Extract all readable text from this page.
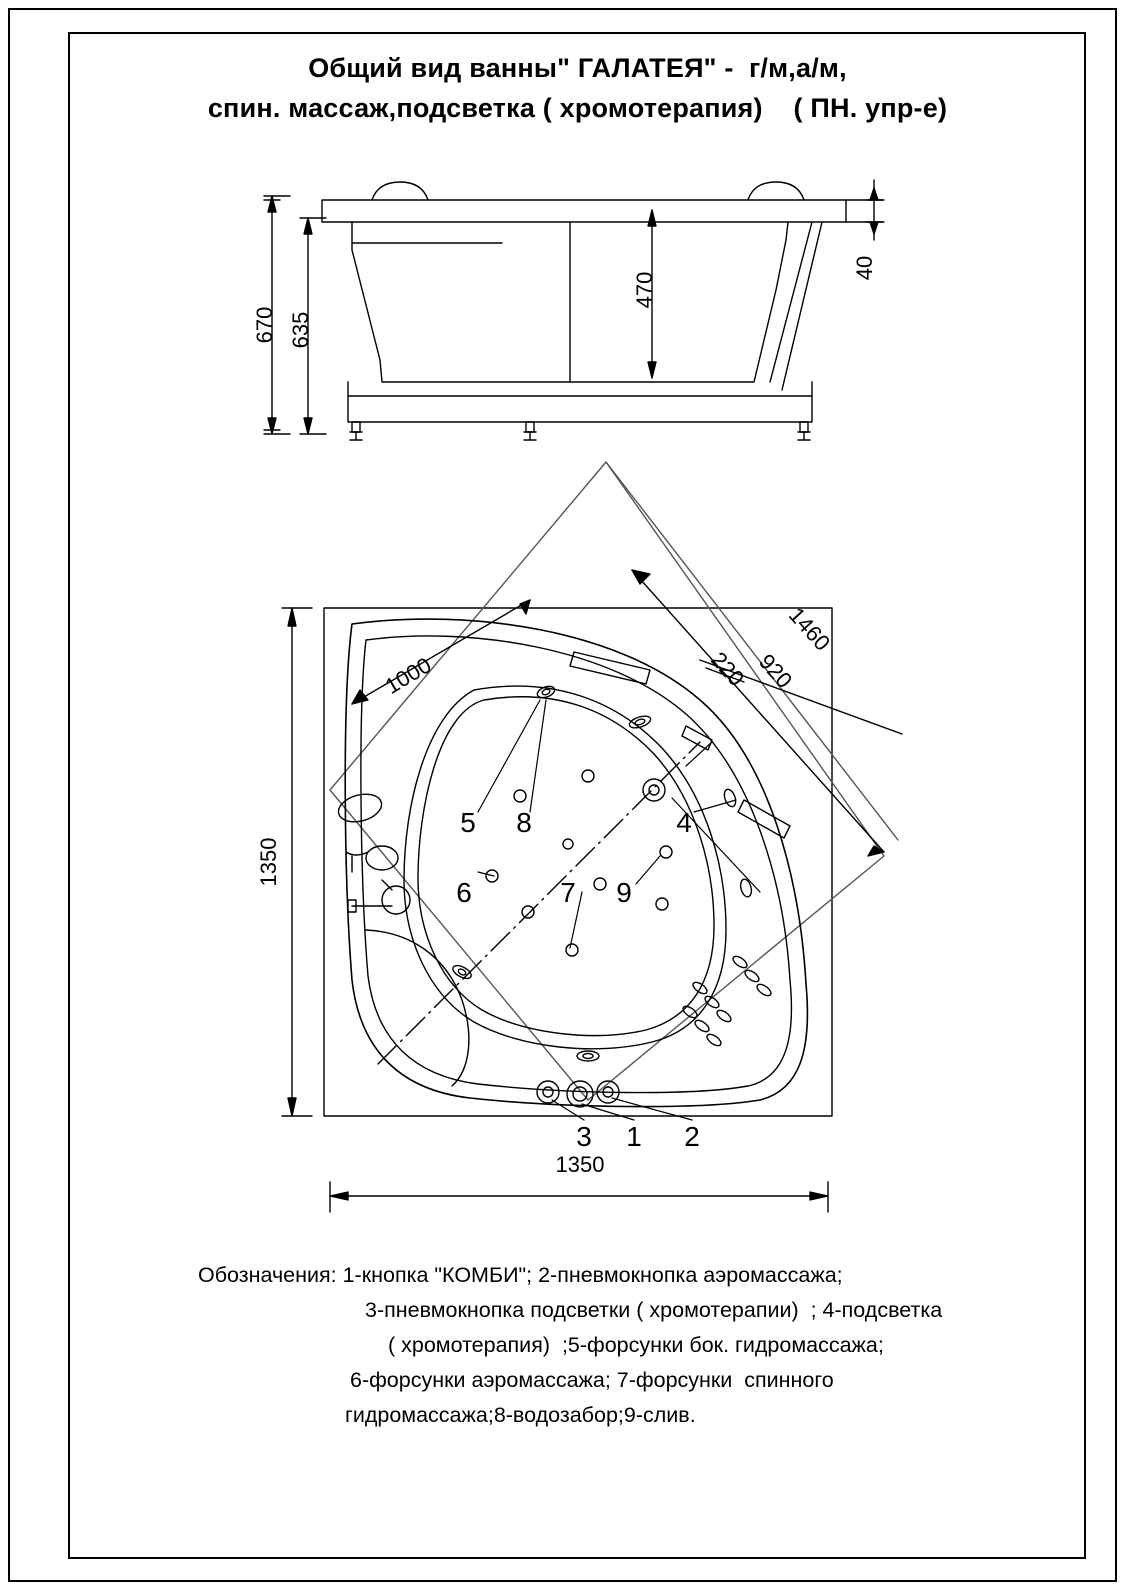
Общий вид ванны" ГАЛАТЕЯ" -  г/м,а/м,
спин. массаж,подсветка ( хромотерапия)    ( ПН. упр-е)
670 635
470
40
1000
1460
220 920
1350
1350
5 8	4
6	7 9
3 1 2
Обозначения: 1-кнопка "КОМБИ"; 2-пневмокнопка аэромассажа;
3-пневмокнопка подсветки ( хромотерапии)  ; 4-подсветка
( хромотерапия)  ;5-форсунки бок. гидромассажа;
6-форсунки аэромассажа; 7-форсунки  спинного
гидромассажа;8-водозабор;9-слив.
